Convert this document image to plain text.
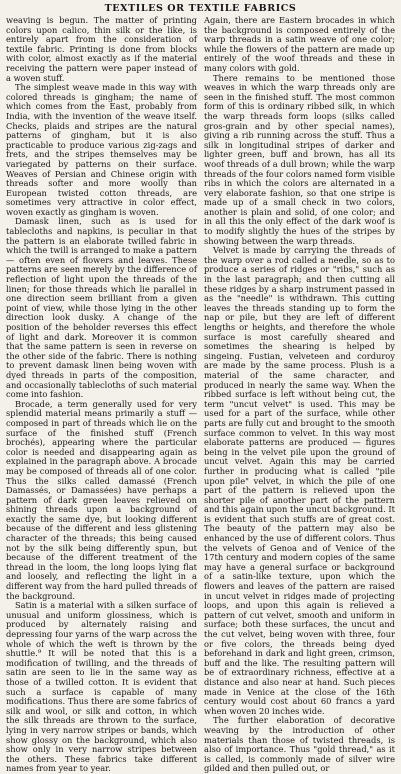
TEXTILES OR TEXTILE FABRICS

weaving is begun. The matter of printing colors upon calico, thin silk or the like, is entirely apart from the consideration of textile fabric. Printing is done from blocks with color, almost exactly as if the material receiving the pattern were paper instead of a woven stuff.

The simplest weave made in this way with colored threads is gingham; the name of which comes from the East, probably from India, with the invention of the weave itself. Checks, plaids and stripes are the natural patterns of gingham, but it is also practicable to produce various zig-zags and frets, and the stripes themselves may be variegated by patterns on their surface. Weaves of Persian and Chinese origin with threads softer and more woolly than European twisted cotton threads, are sometimes very attractive in color effect, woven exactly as gingham is woven.

Damask linen, such as is used for tablecloths and napkins, is peculiar in that the pattern is an elaborate twilled fabric in which the twill is arranged to make a pattern — often even of flowers and leaves. These patterns are seen merely by the difference of reflection of light upon the threads of the linen; for those threads which lie parallel in one direction seem brilliant from a given point of view, while those lying in the other direction look dusky. A change of the position of the beholder reverses this effect of light and dark. Moreover it is common that the same pattern is seen in reverse on the other side of the fabric. There is nothing to prevent damask linen being woven with dyed threads in parts of the composition, and occasionally tablecloths of such material come into fashion.

Brocade, a term generally used for very splendid material means primarily a stuff — composed in part of threads which lie on the surface of the finished stuff (French brochés), appearing where the particular color is needed and disappearing again as explained in the paragraph above. A brocade may be composed of threads all of one color. Thus the silks called damassé (French Damassés, or Damassées) have perhaps a pattern of dark green leaves relieved on shining threads upon a background of exactly the same dye, but looking different because of the different and less glistening character of the threads; this being caused not by the silk being differently spun, but because of the different treatment of the thread in the loom, the long loops lying flat and loosely, and reflecting the light in a different way from the hard pulled threads of the background.

Satin is a material with a silken surface of unusual and uniform glossiness, which is produced by alternately raising and depressing four yarns of the warp across the whole of which the weft is thrown by the shuttle.⁹ It will be noted that this is a modification of twilling, and the threads of satin are seen to lie in the same way as those of a twilled cotton. It is evident that such a surface is capable of many modifications. Thus there are some fabrics of silk and wool, or silk and cotton, in which the silk threads are thrown to the surface, lying in very narrow stripes or bands, which show glossy on the background, which also show only in very narrow stripes between the others. These fabrics take different names from year to year.

Again, there are Eastern brocades in which the background is composed entirely of the warp threads in a satin weave of one color; while the flowers of the pattern are made up entirely of the woof threads and these in many colors with gold.

There remains to be mentioned those weaves in which the warp threads only are seen in the finished stuff. The most common form of this is ordinary ribbed silk, in which the warp threads form loops (silks called gros-grain and by other special names), giving a rib running across the stuff. Thus a silk in longitudinal stripes of darker and lighter green, buff and brown, has all its woof threads of a dull brown; while the warp threads of the four colors named form visible ribs in which the colors are alternated in a very elaborate fashion, so that one stripe is made up of a small check in two colors, another is plain and solid, of one color; and in all this the only effect of the dark woof is to modify slightly the hues of the stripes by showing between the warp threads.

Velvet is made by carrying the threads of the warp over a rod called a needle, so as to produce a series of ridges or "ribs," such as in the last paragraph; and then cutting all these ridges by a sharp instrument passed in as the "needle" is withdrawn. This cutting leaves the threads standing up to form the nap or pile, but they are left of different lengths or heights, and therefore the whole surface is most carefully sheared and sometimes the shearing is helped by singeing. Fustian, velveteen and corduroy are made by the same process. Plush is a material of the same character, and produced in nearly the same way. When the ribbed surface is left without being cut, the term "uncut velvet" is used. This may be used for a part of the surface, while other parts are fully cut and brought to the smooth surface common to velvet. In this way most elaborate patterns are produced — figures being in the velvet pile upon the ground of uncut velvet. Again this may be carried further in producing what is called "pile upon pile" velvet, in which the pile of one part of the pattern is relieved upon the shorter pile of another part of the pattern and this again upon the uncut background. It is evident that such stuffs are of great cost. The beauty of the pattern may also be enhanced by the use of different colors. Thus the velvets of Genoa and of Venice of the 17th century and modern copies of the same may have a general surface or background of a satin-like texture, upon which the flowers and leaves of the pattern are raised in uncut velvet in ridges made of projecting loops, and upon this again is relieved a pattern of cut velvet, smooth and uniform in surface; both these surfaces, the uncut and the cut velvet, being woven with three, four or five colors, the threads being dyed beforehand in dark and light green, crimson, buff and the like. The resulting pattern will be of extraordinary richness, effective at a distance and also near at hand. Such pieces made in Venice at the close of the 16th century would cost about 60 francs a yard when woven 20 inches wide.

The further elaboration of decorative weaving by the introduction of other materials than those of twisted threads, is also of importance. Thus "gold thread," as it is called, is commonly made of silver wire gilded and then pulled out, or
